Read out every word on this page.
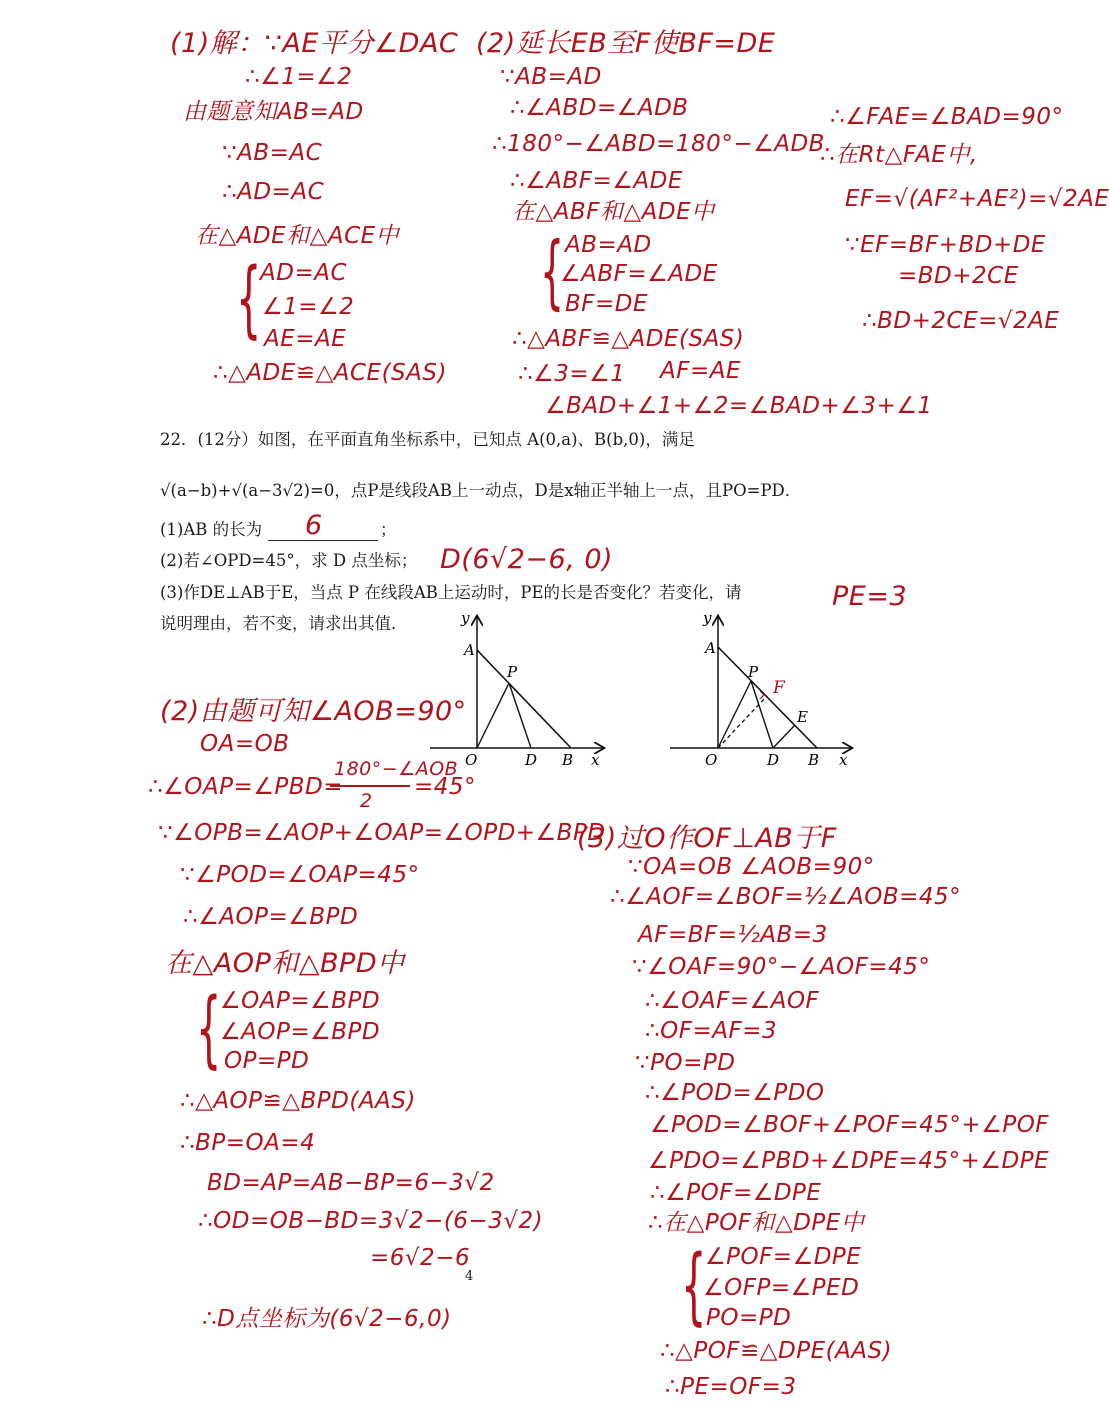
(1)解：∵AE平分∠DAC
∴∠1=∠2
由题意知AB=AD
∵AB=AC
∴AD=AC
在△ADE和△ACE中
{
AD=AC
∠1=∠2
AE=AE
∴△ADE≌△ACE(SAS)
(2)延长EB至F使BF=DE
∵AB=AD
∴∠ABD=∠ADB
∴180°−∠ABD=180°−∠ADB
∴∠ABF=∠ADE
在△ABF和△ADE中
{ AB=AD
∠ABF=∠ADE
BF=DE
∴△ABF≌△ADE(SAS)
∴∠3=∠1 AF=AE
∠BAD+∠1+∠2=∠BAD+∠3+∠1
∴∠FAE=∠BAD=90°
∴在Rt△FAE中,
EF=√(AF²+AE²)=√2AE
∵EF=BF+BD+DE
=BD+2CE
∴BD+2CE=√2AE
22．(12分）如图，在平面直角坐标系中，已知点 A(0,a)、B(b,0)，满足
√(a−b)+√(a−3√2)=0，点P是线段AB上一动点，D是x轴正半轴上一点，且PO=PD．
(1)AB 的长为	；
6
(2)若∠OPD=45°，求 D 点坐标； D(6√2−6, 0)
(3)作DE⊥AB于E，当点 P 在线段AB上运动时，PE的长是否变化？若变化，请	PE=3
说明理由，若不变，请求出其值.
A
P
O	D B x
y
A
P
F
E
O	D B x
y
(2)由题可知∠AOB=90°
OA=OB
∴∠OAP=∠PBD=
180°−∠AOB
2
=45°
∵∠OPB=∠AOP+∠OAP=∠OPD+∠BPD
∵∠POD=∠OAP=45°
∴∠AOP=∠BPD
在△AOP和△BPD中
{
∠OAP=∠BPD
∠AOP=∠BPD
OP=PD
∴△AOP≌△BPD(AAS)
∴BP=OA=4
BD=AP=AB−BP=6−3√2
∴OD=OB−BD=3√2−(6−3√2)
=6√2−6
4
∴D点坐标为(6√2−6,0)
(3)过O作OF⊥AB于F
∵OA=OB ∠AOB=90°
∴∠AOF=∠BOF=½∠AOB=45°
AF=BF=½AB=3
∵∠OAF=90°−∠AOF=45°
∴∠OAF=∠AOF
∴OF=AF=3
∵PO=PD
∴∠POD=∠PDO
∠POD=∠BOF+∠POF=45°+∠POF
∠PDO=∠PBD+∠DPE=45°+∠DPE
∴∠POF=∠DPE
∴在△POF和△DPE中
{
∠POF=∠DPE
∠OFP=∠PED
PO=PD
∴△POF≌△DPE(AAS)
∴PE=OF=3
